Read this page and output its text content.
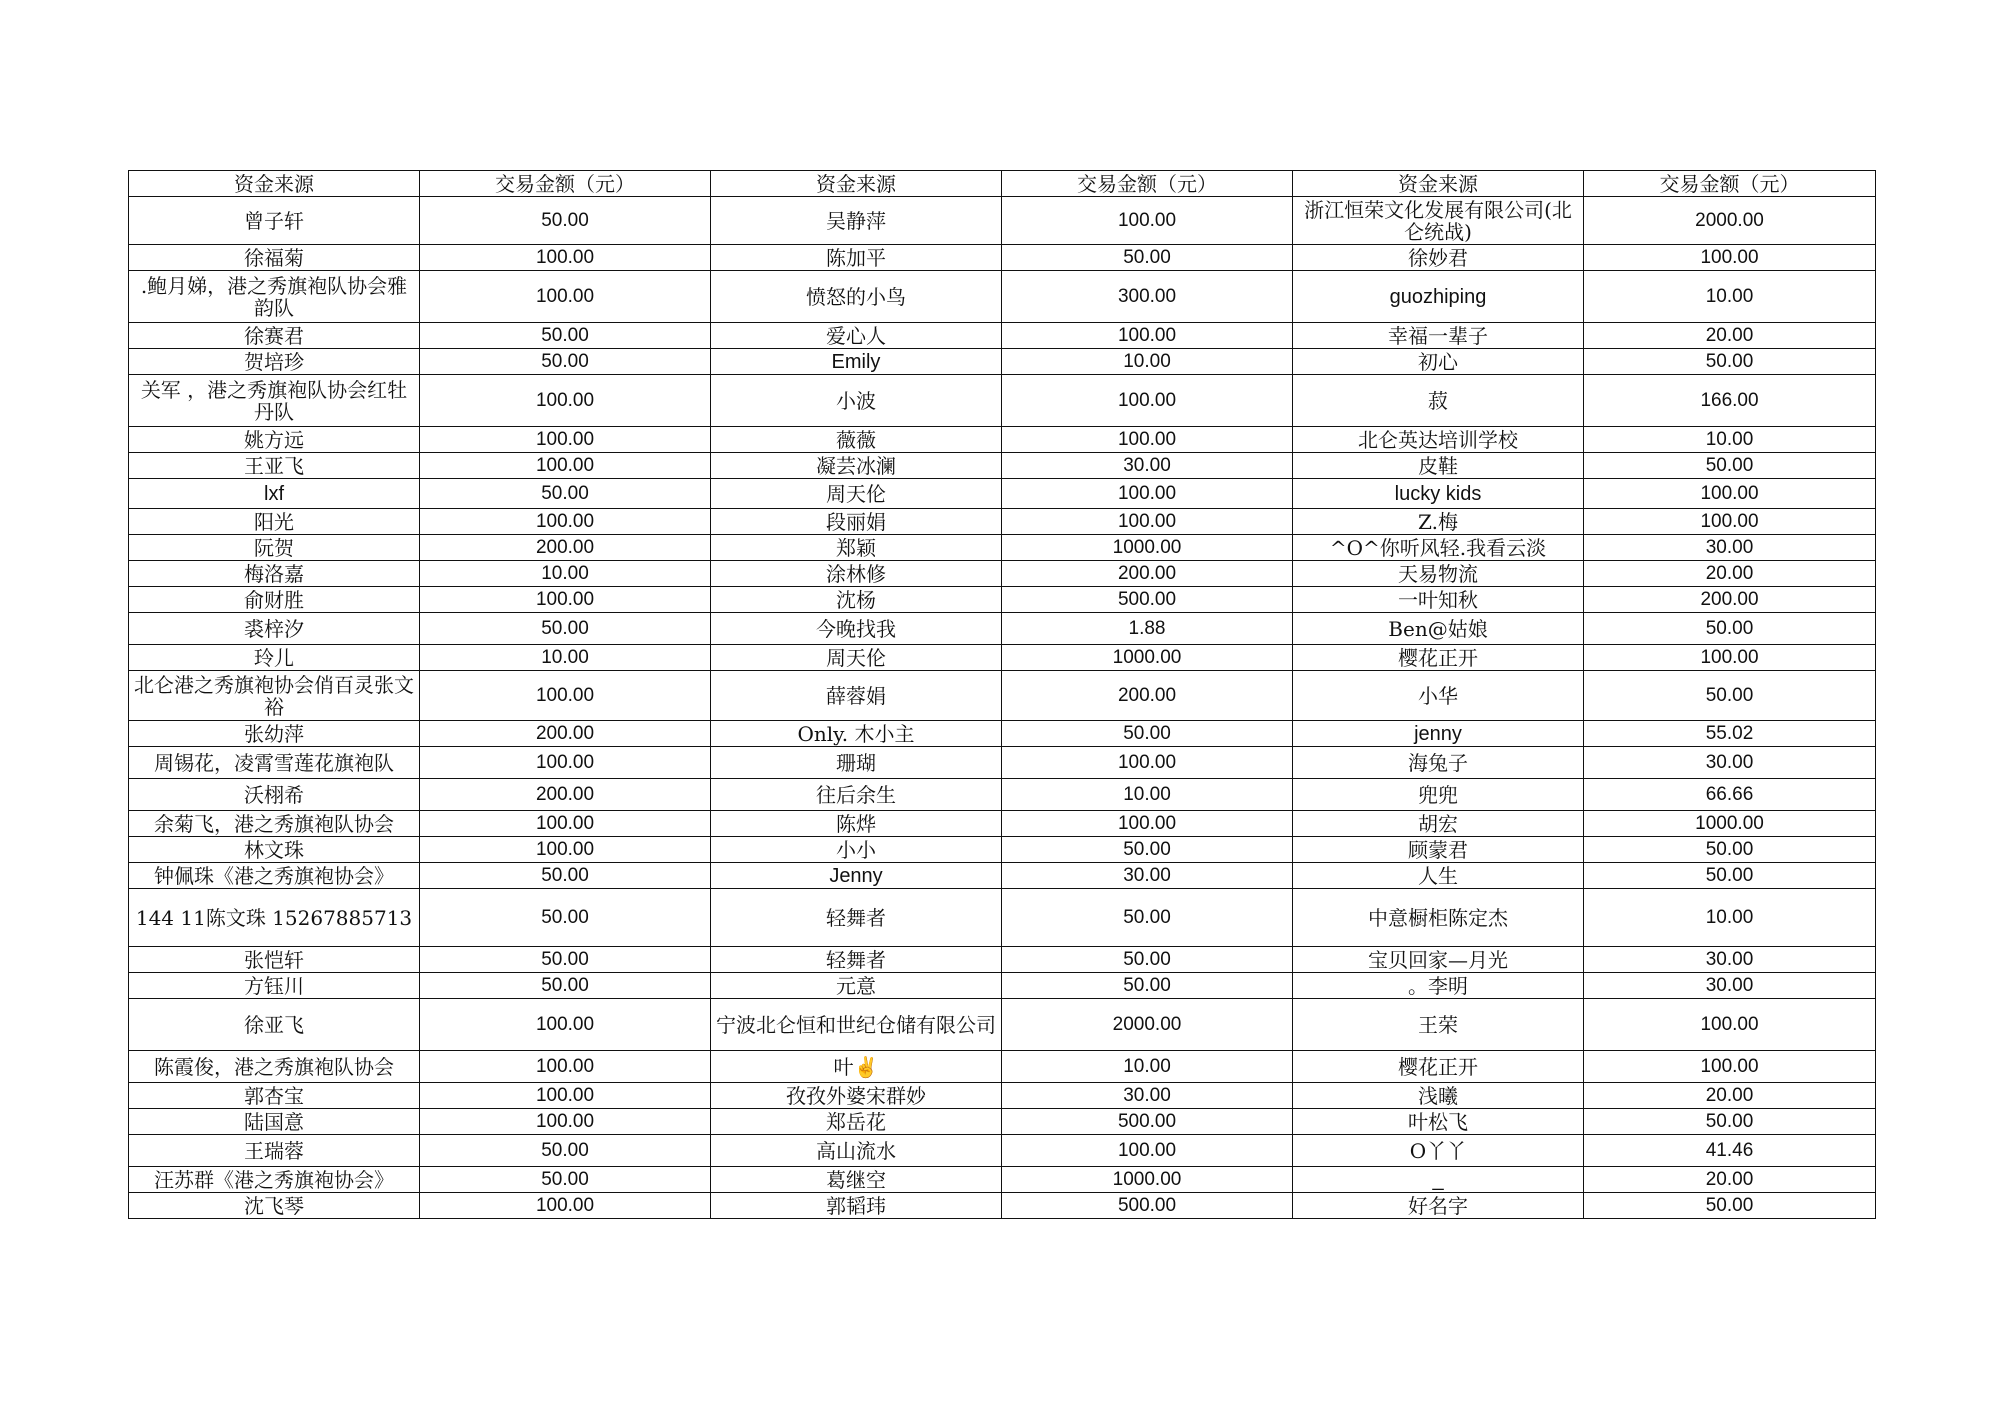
资金来源	交易金额（元）	资金来源	交易金额（元）	资金来源	交易金额（元）
曾子轩	50.00	吴静萍	100.00	浙江恒荣文化发展有限公司(北仑统战)	2000.00
徐福菊	100.00	陈加平	50.00	徐妙君	100.00
.鲍月娣，港之秀旗袍队协会雅韵队	100.00	愤怒的小鸟	300.00	guozhiping	10.00
徐赛君	50.00	爱心人	100.00	幸福一辈子	20.00
贺培珍	50.00	Emily	10.00	初心	50.00
关军 ，港之秀旗袍队协会红牡丹队	100.00	小波	100.00	菽	166.00
姚方远	100.00	薇薇	100.00	北仑英达培训学校	10.00
王亚飞	100.00	凝芸冰澜	30.00	皮鞋	50.00
lxf	50.00	周天伦	100.00	lucky kids	100.00
阳光	100.00	段丽娟	100.00	Z.梅	100.00
阮贺	200.00	郑颖	1000.00	^O^你听风轻.我看云淡	30.00
梅洛嘉	10.00	涂林修	200.00	天易物流	20.00
俞财胜	100.00	沈杨	500.00	一叶知秋	200.00
裘梓汐	50.00	今晚找我	1.88	Ben@姑娘	50.00
玲儿	10.00	周天伦	1000.00	樱花正开	100.00
北仑港之秀旗袍协会俏百灵张文裕	100.00	薛蓉娟	200.00	小华	50.00
张幼萍	200.00	Only. 木小主	50.00	jenny	55.02
周锡花，凌霄雪莲花旗袍队	100.00	珊瑚	100.00	海兔子	30.00
沃栩希	200.00	往后余生	10.00	兜兜	66.66
余菊飞，港之秀旗袍队协会	100.00	陈烨	100.00	胡宏	1000.00
林文珠	100.00	小小	50.00	顾蒙君	50.00
钟佩珠《港之秀旗袍协会》	50.00	Jenny	30.00	人生	50.00
144 11陈文珠 15267885713	50.00	轻舞者	50.00	中意橱柜陈定杰	10.00
张恺轩	50.00	轻舞者	50.00	宝贝回家—月光	30.00
方钰川	50.00	元意	50.00	。李明	30.00
徐亚飞	100.00	宁波北仑恒和世纪仓储有限公司	2000.00	王荣	100.00
陈霞俊，港之秀旗袍队协会	100.00	叶✌	10.00	樱花正开	100.00
郭杏宝	100.00	孜孜外婆宋群妙	30.00	浅曦	20.00
陆国意	100.00	郑岳花	500.00	叶松飞	50.00
王瑞蓉	50.00	高山流水	100.00	O丫丫	41.46
汪苏群《港之秀旗袍协会》	50.00	葛继空	1000.00	_	20.00
沈飞琴	100.00	郭韬玮	500.00	好名字	50.00
